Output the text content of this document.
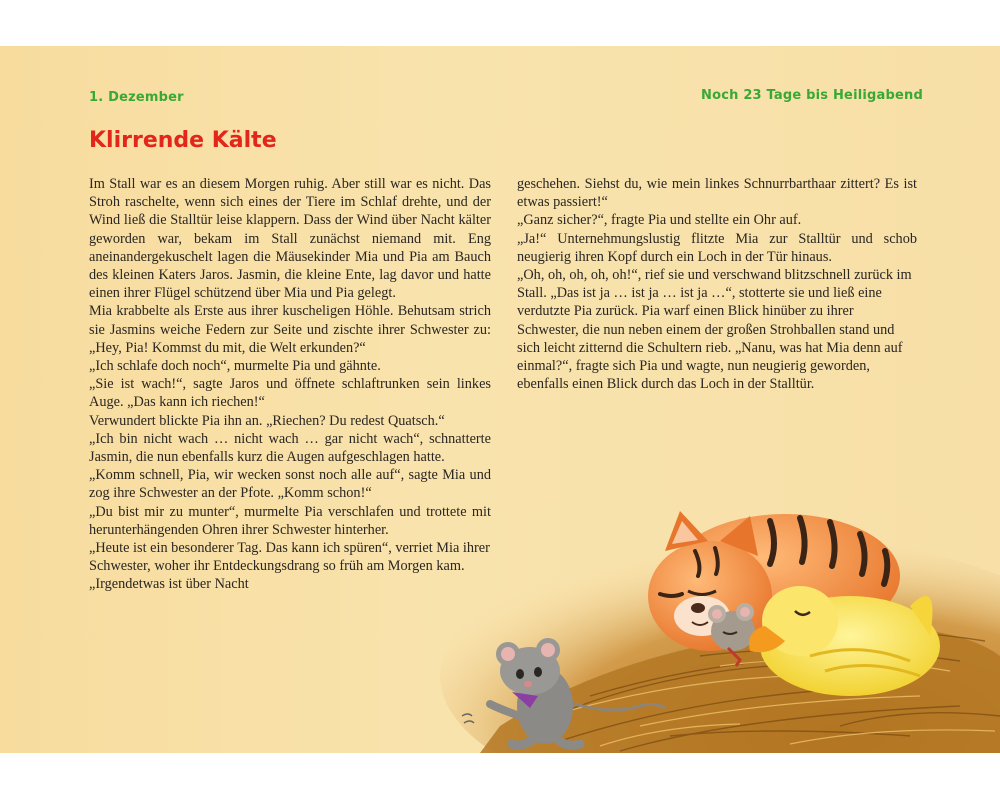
1. Dezember	Noch 23 Tage bis Heiligabend
Klirrende Kälte

Im Stall war es an diesem Morgen ruhig. Aber still war es nicht. Das Stroh raschelte, wenn sich eines der Tiere im Schlaf drehte, und der Wind ließ die Stalltür leise klappern. Dass der Wind über Nacht kälter geworden war, bekam im Stall zunächst niemand mit. Eng aneinandergekuschelt lagen die Mäusekinder Mia und Pia am Bauch des kleinen Katers Jaros. Jasmin, die kleine Ente, lag davor und hatte einen ihrer Flügel schützend über Mia und Pia gelegt.

Mia krabbelte als Erste aus ihrer kuscheligen Höhle. Behutsam strich sie Jasmins weiche Federn zur Seite und zischte ihrer Schwester zu: „Hey, Pia! Kommst du mit, die Welt erkunden?“

„Ich schlafe doch noch“, murmelte Pia und gähnte.

„Sie ist wach!“, sagte Jaros und öffnete schlaftrunken sein linkes Auge. „Das kann ich riechen!“

Verwundert blickte Pia ihn an. „Riechen? Du redest Quatsch.“

„Ich bin nicht wach … nicht wach … gar nicht wach“, schnatterte Jasmin, die nun ebenfalls kurz die Augen aufgeschlagen hatte.

„Komm schnell, Pia, wir wecken sonst noch alle auf“, sagte Mia und zog ihre Schwester an der Pfote. „Komm schon!“

„Du bist mir zu munter“, murmelte Pia verschlafen und trottete mit herunterhängenden Ohren ihrer Schwester hinterher.

„Heute ist ein besonderer Tag. Das kann ich spüren“, verriet Mia ihrer Schwester, woher ihr Entdeckungsdrang so früh am Morgen kam. „Irgendetwas ist über Nacht

geschehen. Siehst du, wie mein linkes Schnurrbarthaar zittert? Es ist etwas passiert!“

„Ganz sicher?“, fragte Pia und stellte ein Ohr auf.

„Ja!“ Unternehmungslustig flitzte Mia zur Stalltür und schob neugierig ihren Kopf durch ein Loch in der Tür hinaus.

„Oh, oh, oh, oh, oh!“, rief sie und verschwand blitzschnell zurück im Stall. „Das ist ja … ist ja … ist ja …“, stotterte sie und ließ eine verdutzte Pia zurück. Pia warf einen Blick hinüber zu ihrer Schwester, die nun neben einem der großen Strohballen stand und sich leicht zitternd die Schultern rieb. „Nanu, was hat Mia denn auf einmal?“, fragte sich Pia und wagte, nun neugierig geworden, ebenfalls einen Blick durch das Loch in der Stalltür.
